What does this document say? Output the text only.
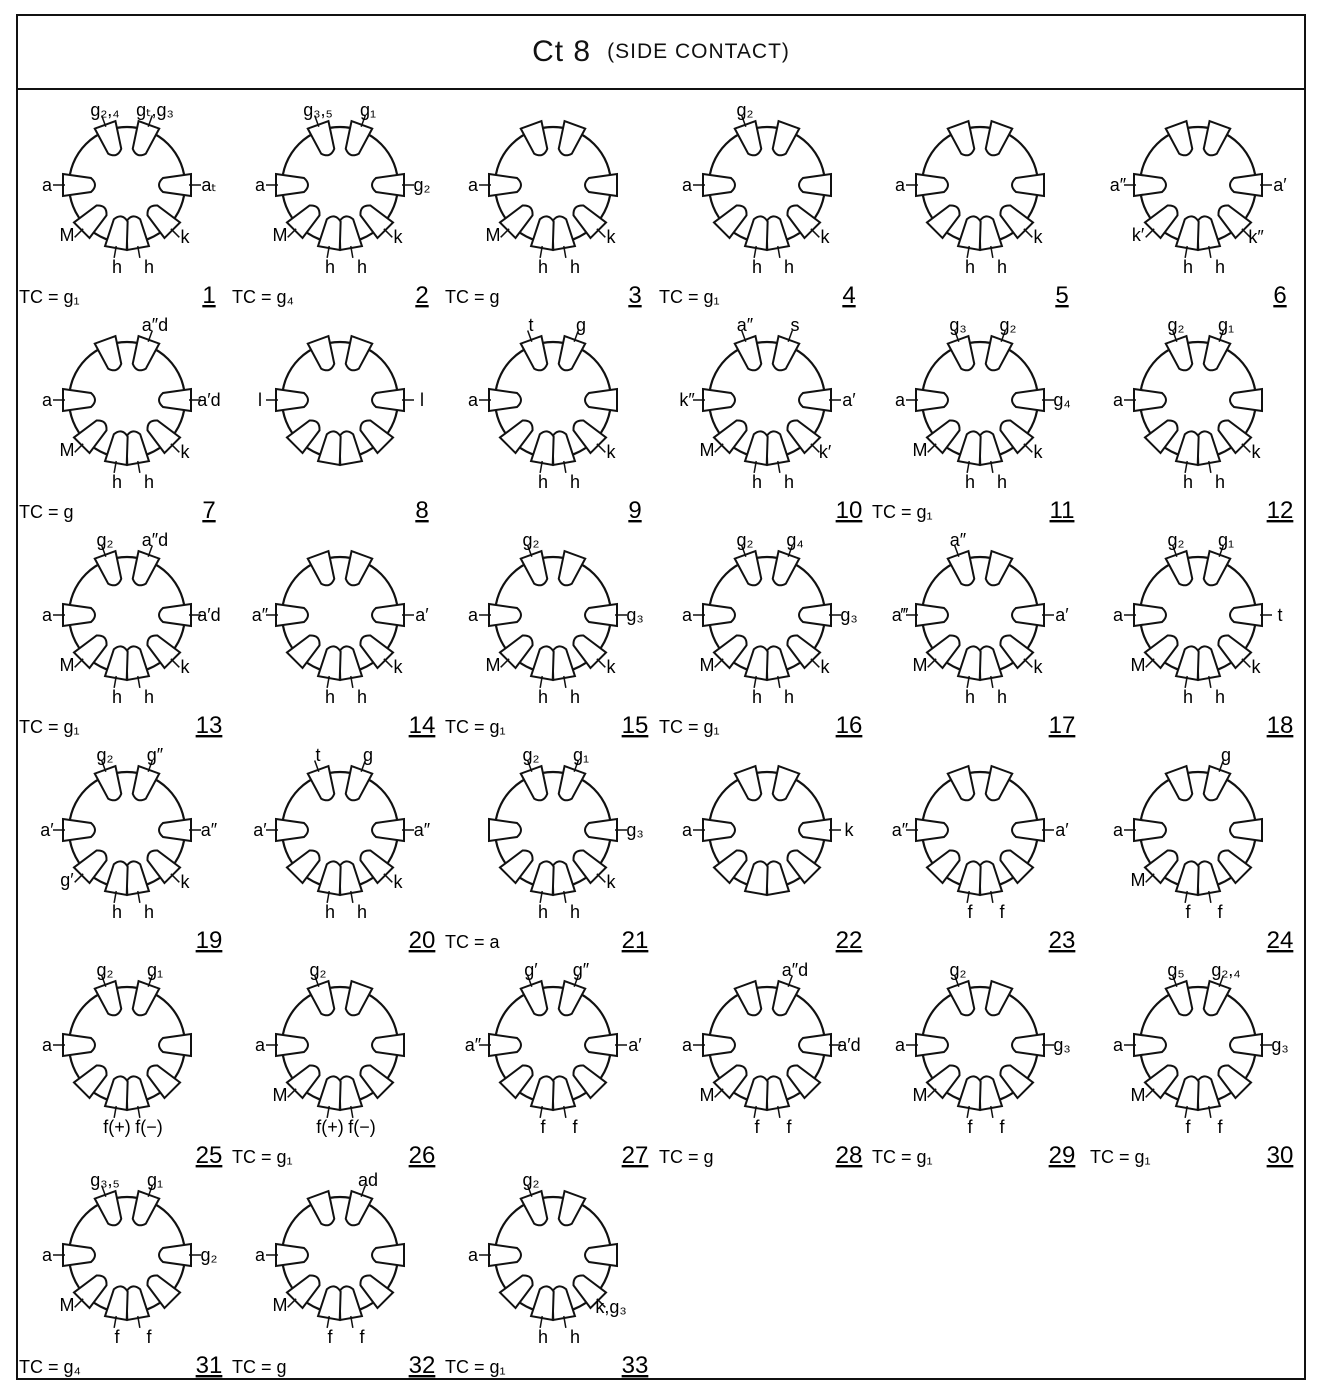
Ct 8 (SIDE CONTACT)
a
g₂,₄ gₜ,g₃
aₜ
k
h h
M
1
TC = g₁
a
g₃,₅ g₁
g₂
k
h h
M
2
TC = g₄
a
k
h h
M
3
TC = g
a
g₂
k
h h
4
TC = g₁
a
k
h h
5
a″	a′
k″
h h
k′
6
a
a″d
a′d
k
h h
M
7
TC = g
l	l
8
a
t g
k
h h
9
k″
a″ s
a′
k′
h h
M
10
a
g₃ g₂
g₄
k
h h
M
11
TC = g₁
a
g₂ g₁
k
h h
12
a
g₂ a″d
a′d
k
h h
M
13
TC = g₁
a″	a′
k
h h
14
a
g₂
g₃
k
h h
M
15
TC = g₁
a
g₂ g₄
g₃
k
h h
M
16
TC = g₁
a‴
a″
a′
k
h h
M
17
a
g₂ g₁
t
k
h h
M
18
a′
g₂ g″
a″
k
h h
g′
19
a′
t g
a″
k
h h
20
g₂ g₁
g₃
k
h h
21
TC = a
a	k
22
a″	a′
f f
23
a
g
f f
M
24
a
g₂ g₁
f(+) f(−)
25
a
g₂
f(+) f(−)
M
26
TC = g₁
a″
g′ g″
a′
f f
27
a
a″d
a′d
f f
M
28
TC = g
a
g₂
g₃
f f
M
29
TC = g₁
a
g₅ g₂,₄
g₃
f f
M
30
TC = g₁
a
g₃,₅ g₁
g₂
f f
M
31
TC = g₄
a
ad
f f
M
32
TC = g
a
g₂
k,g₃
h h
33
TC = g₁
